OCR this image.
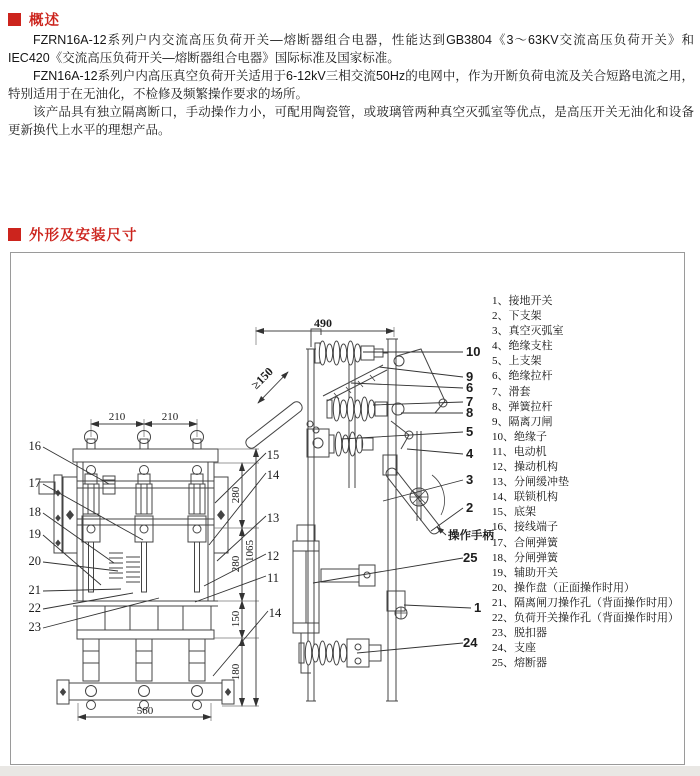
概述

FZRN16A-12系列户内交流高压负荷开关—熔断器组合电器，性能达到GB3804《3～63KV交流高压负荷开关》和IEC420《交流高压负荷开关—熔断器组合电器》国际标准及国家标准。

FZN16A-12系列户内高压真空负荷开关适用于6-12kV三相交流50Hz的电网中，作为开断负荷电流及关合短路电流之用，特别适用于在无油化，不检修及频繁操作要求的场所。

该产品具有独立隔离断口，手动操作力小，可配用陶瓷管，或玻璃管两种真空灭弧室等优点，是高压开关无油化和设备更新换代上水平的理想产品。

外形及安装尺寸
210	210
560
280
280
150
180
1065
16
17
18
19
20
21
22
23
15
14
13
12
11
14
490
≥150
10
9
6
7
8
5
4
3
2
25
1
24
操作手柄
1、接地开关
2、下支架
3、真空灭弧室
4、绝缘支柱
5、上支架
6、绝缘拉杆
7、滑套
8、弹簧拉杆
9、隔离刀闸
10、绝缘子
11、电动机
12、操动机构
13、分闸缓冲垫
14、联锁机构
15、底架
16、接线端子
17、合闸弹簧
18、分闸弹簧
19、辅助开关
20、操作盘（正面操作时用）
21、隔离闸刀操作孔（背面操作时用）
22、负荷开关操作孔（背面操作时用）
23、脱扣器
24、支座
25、熔断器
